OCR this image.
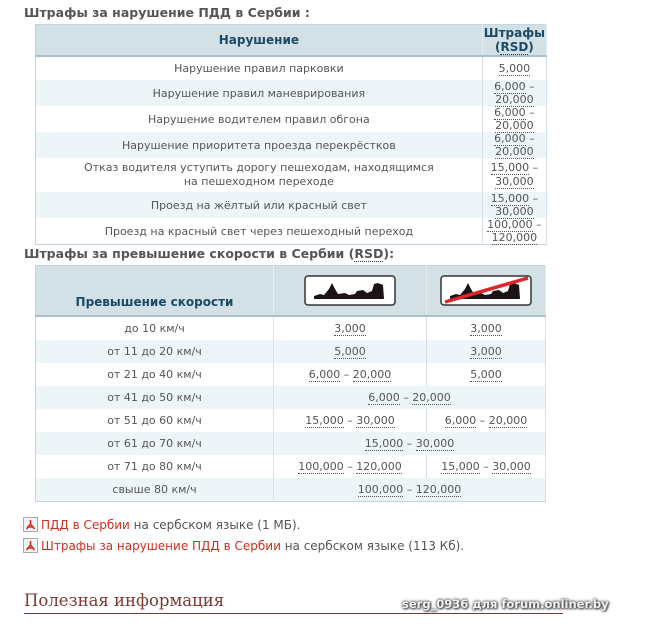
Штрафы за нарушение ПДД в Сербии :
Нарушение	Штрафы (RSD)
Нарушение правил парковки	5,000
Нарушение правил маневрирования	6,000 – 20,000
Нарушение водителем правил обгона	6,000 – 20,000
Нарушение приоритета проезда перекрёстков	6,000 – 20,000
Отказ водителя уступить дорогу пешеходам, находящимся на пешеходном переходе	15,000 – 30,000
Проезд на жёлтый или красный свет	15,000 – 30,000
Проезд на красный свет через пешеходный переход	100,000 – 120,000
Штрафы за превышение скорости в Сербии (RSD):
Превышение скорости		
до 10 км/ч	3,000	3,000
от 11 до 20 км/ч	5,000	3,000
от 21 до 40 км/ч	6,000 – 20,000	5,000
от 41 до 50 км/ч	6,000 – 20,000	
от 51 до 60 км/ч	15,000 – 30,000	6,000 – 20,000
от 61 до 70 км/ч	15,000 – 30,000	
от 71 до 80 км/ч	100,000 – 120,000	15,000 – 30,000
свыше 80 км/ч	100,000 – 120,000	
ПДД в Сербии на сербском языке (1 МБ).
Штрафы за нарушение ПДД в Сербии на сербском языке (113 Кб).
Полезная информация	serg_0936 для forum.onliner.by
